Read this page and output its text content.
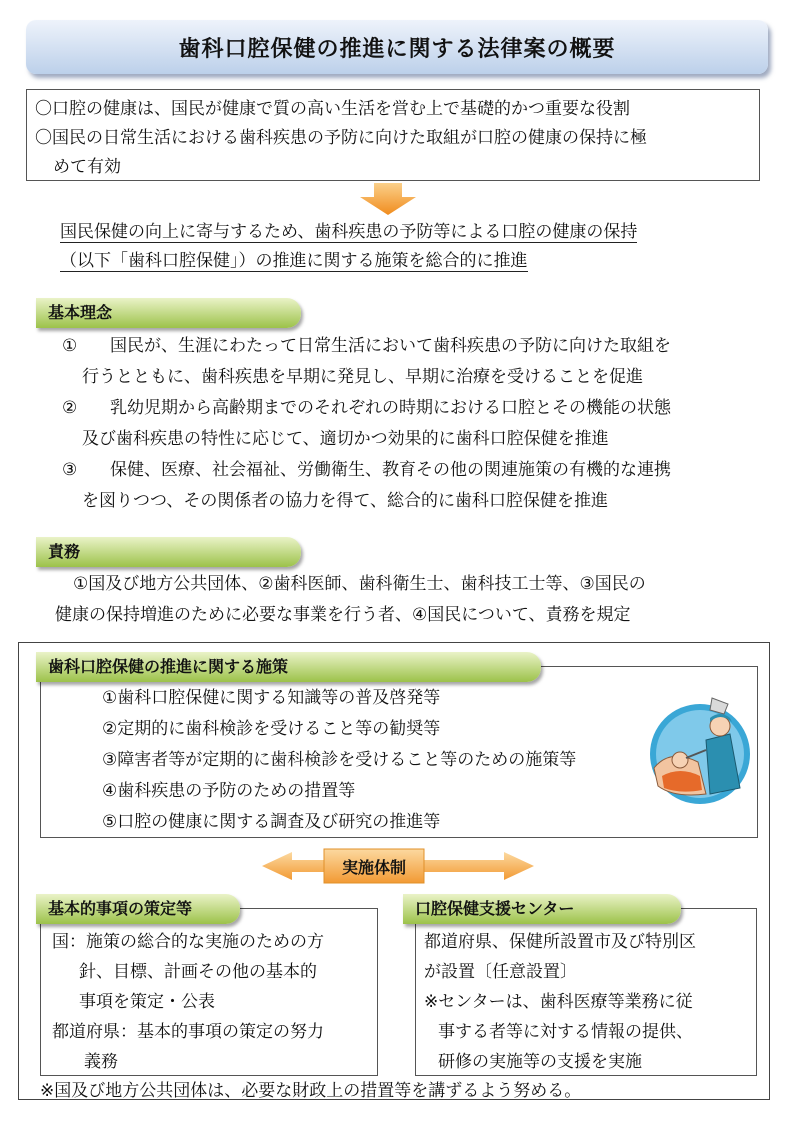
歯科口腔保健の推進に関する法律案の概要
〇口腔の健康は、国民が健康で質の高い生活を営む上で基礎的かつ重要な役割
〇国民の日常生活における歯科疾患の予防に向けた取組が口腔の健康の保持に極
めて有効
国民保健の向上に寄与するため、歯科疾患の予防等による口腔の健康の保持
（以下「歯科口腔保健」）の推進に関する施策を総合的に推進
基本理念
① 国民が、生涯にわたって日常生活において歯科疾患の予防に向けた取組を
行うとともに、歯科疾患を早期に発見し、早期に治療を受けることを促進
② 乳幼児期から高齢期までのそれぞれの時期における口腔とその機能の状態
及び歯科疾患の特性に応じて、適切かつ効果的に歯科口腔保健を推進
③ 保健、医療、社会福祉、労働衛生、教育その他の関連施策の有機的な連携
を図りつつ、その関係者の協力を得て、総合的に歯科口腔保健を推進
責務
①国及び地方公共団体、②歯科医師、歯科衛生士、歯科技工士等、③国民の
健康の保持増進のために必要な事業を行う者、④国民について、責務を規定
歯科口腔保健の推進に関する施策
①歯科口腔保健に関する知識等の普及啓発等
②定期的に歯科検診を受けること等の勧奨等
③障害者等が定期的に歯科検診を受けること等のための施策等
④歯科疾患の予防のための措置等
⑤口腔の健康に関する調査及び研究の推進等
実施体制
基本的事項の策定等	口腔保健支援センター
国：施策の総合的な実施のための方
針、目標、計画その他の基本的
事項を策定・公表
都道府県：基本的事項の策定の努力
義務
都道府県、保健所設置市及び特別区
が設置〔任意設置〕
※センターは、歯科医療等業務に従
事する者等に対する情報の提供、
研修の実施等の支援を実施
※国及び地方公共団体は、必要な財政上の措置等を講ずるよう努める。
